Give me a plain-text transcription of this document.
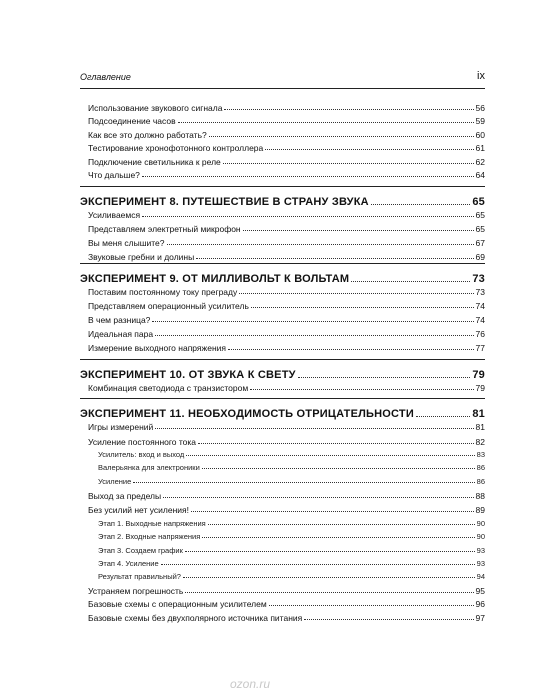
Оглавление	ix
Использование звукового сигнала	56
Подсоединение часов	59
Как все это должно работать?	60
Тестирование хронофотонного контроллера	61
Подключение светильника к реле	62
Что дальше?	64
ЭКСПЕРИМЕНТ 8. ПУТЕШЕСТВИЕ В СТРАНУ ЗВУКА	65
Усиливаемся	65
Представляем электретный микрофон	65
Вы меня слышите?	67
Звуковые гребни и долины	69
ЭКСПЕРИМЕНТ 9. ОТ МИЛЛИВОЛЬТ К ВОЛЬТАМ	73
Поставим постоянному току преграду	73
Представляем операционный усилитель	74
В чем разница?	74
Идеальная пара	76
Измерение выходного напряжения	77
ЭКСПЕРИМЕНТ 10. ОТ ЗВУКА К СВЕТУ	79
Комбинация светодиода с транзистором	79
ЭКСПЕРИМЕНТ 11. НЕОБХОДИМОСТЬ ОТРИЦАТЕЛЬНОСТИ	81
Игры измерений	81
Усиление постоянного тока	82
Усилитель: вход и выход	83
Валерьянка для электроники	86
Усиление	86
Выход за пределы	88
Без усилий нет усиления!	89
Этап 1. Выходные напряжения	90
Этап 2. Входные напряжения	90
Этап 3. Создаем график	93
Этап 4. Усиление	93
Результат правильный?	94
Устраняем погрешность	95
Базовые схемы с операционным усилителем	96
Базовые схемы без двухполярного источника питания	97
ozon.ru
